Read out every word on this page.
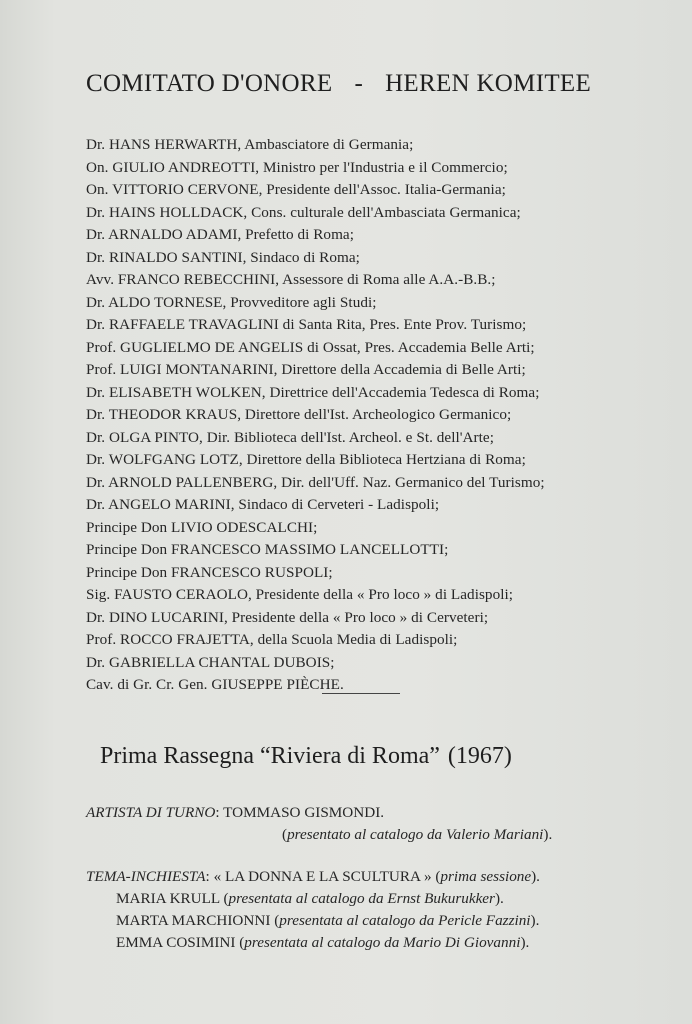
COMITATO D'ONORE - HEREN KOMITEE
Dr. HANS HERWARTH, Ambasciatore di Germania;
On. GIULIO ANDREOTTI, Ministro per l'Industria e il Commercio;
On. VITTORIO CERVONE, Presidente dell'Assoc. Italia-Germania;
Dr. HAINS HOLLDACK, Cons. culturale dell'Ambasciata Germanica;
Dr. ARNALDO ADAMI, Prefetto di Roma;
Dr. RINALDO SANTINI, Sindaco di Roma;
Avv. FRANCO REBECCHINI, Assessore di Roma alle A.A.-B.B.;
Dr. ALDO TORNESE, Provveditore agli Studi;
Dr. RAFFAELE TRAVAGLINI di Santa Rita, Pres. Ente Prov. Turismo;
Prof. GUGLIELMO DE ANGELIS di Ossat, Pres. Accademia Belle Arti;
Prof. LUIGI MONTANARINI, Direttore della Accademia di Belle Arti;
Dr. ELISABETH WOLKEN, Direttrice dell'Accademia Tedesca di Roma;
Dr. THEODOR KRAUS, Direttore dell'Ist. Archeologico Germanico;
Dr. OLGA PINTO, Dir. Biblioteca dell'Ist. Archeol. e St. dell'Arte;
Dr. WOLFGANG LOTZ, Direttore della Biblioteca Hertziana di Roma;
Dr. ARNOLD PALLENBERG, Dir. dell'Uff. Naz. Germanico del Turismo;
Dr. ANGELO MARINI, Sindaco di Cerveteri - Ladispoli;
Principe Don LIVIO ODESCALCHI;
Principe Don FRANCESCO MASSIMO LANCELLOTTI;
Principe Don FRANCESCO RUSPOLI;
Sig. FAUSTO CERAOLO, Presidente della « Pro loco » di Ladispoli;
Dr. DINO LUCARINI, Presidente della « Pro loco » di Cerveteri;
Prof. ROCCO FRAJETTA, della Scuola Media di Ladispoli;
Dr. GABRIELLA CHANTAL DUBOIS;
Cav. di Gr. Cr. Gen. GIUSEPPE PIÈCHE.
Prima Rassegna “Riviera di Roma” (1967)
ARTISTA DI TURNO: TOMMASO GISMONDI.
(presentato al catalogo da Valerio Mariani).
TEMA-INCHIESTA: « LA DONNA E LA SCULTURA » (prima sessione).
MARIA KRULL (presentata al catalogo da Ernst Bukurukker).
MARTA MARCHIONNI (presentata al catalogo da Pericle Fazzini).
EMMA COSIMINI (presentata al catalogo da Mario Di Giovanni).
